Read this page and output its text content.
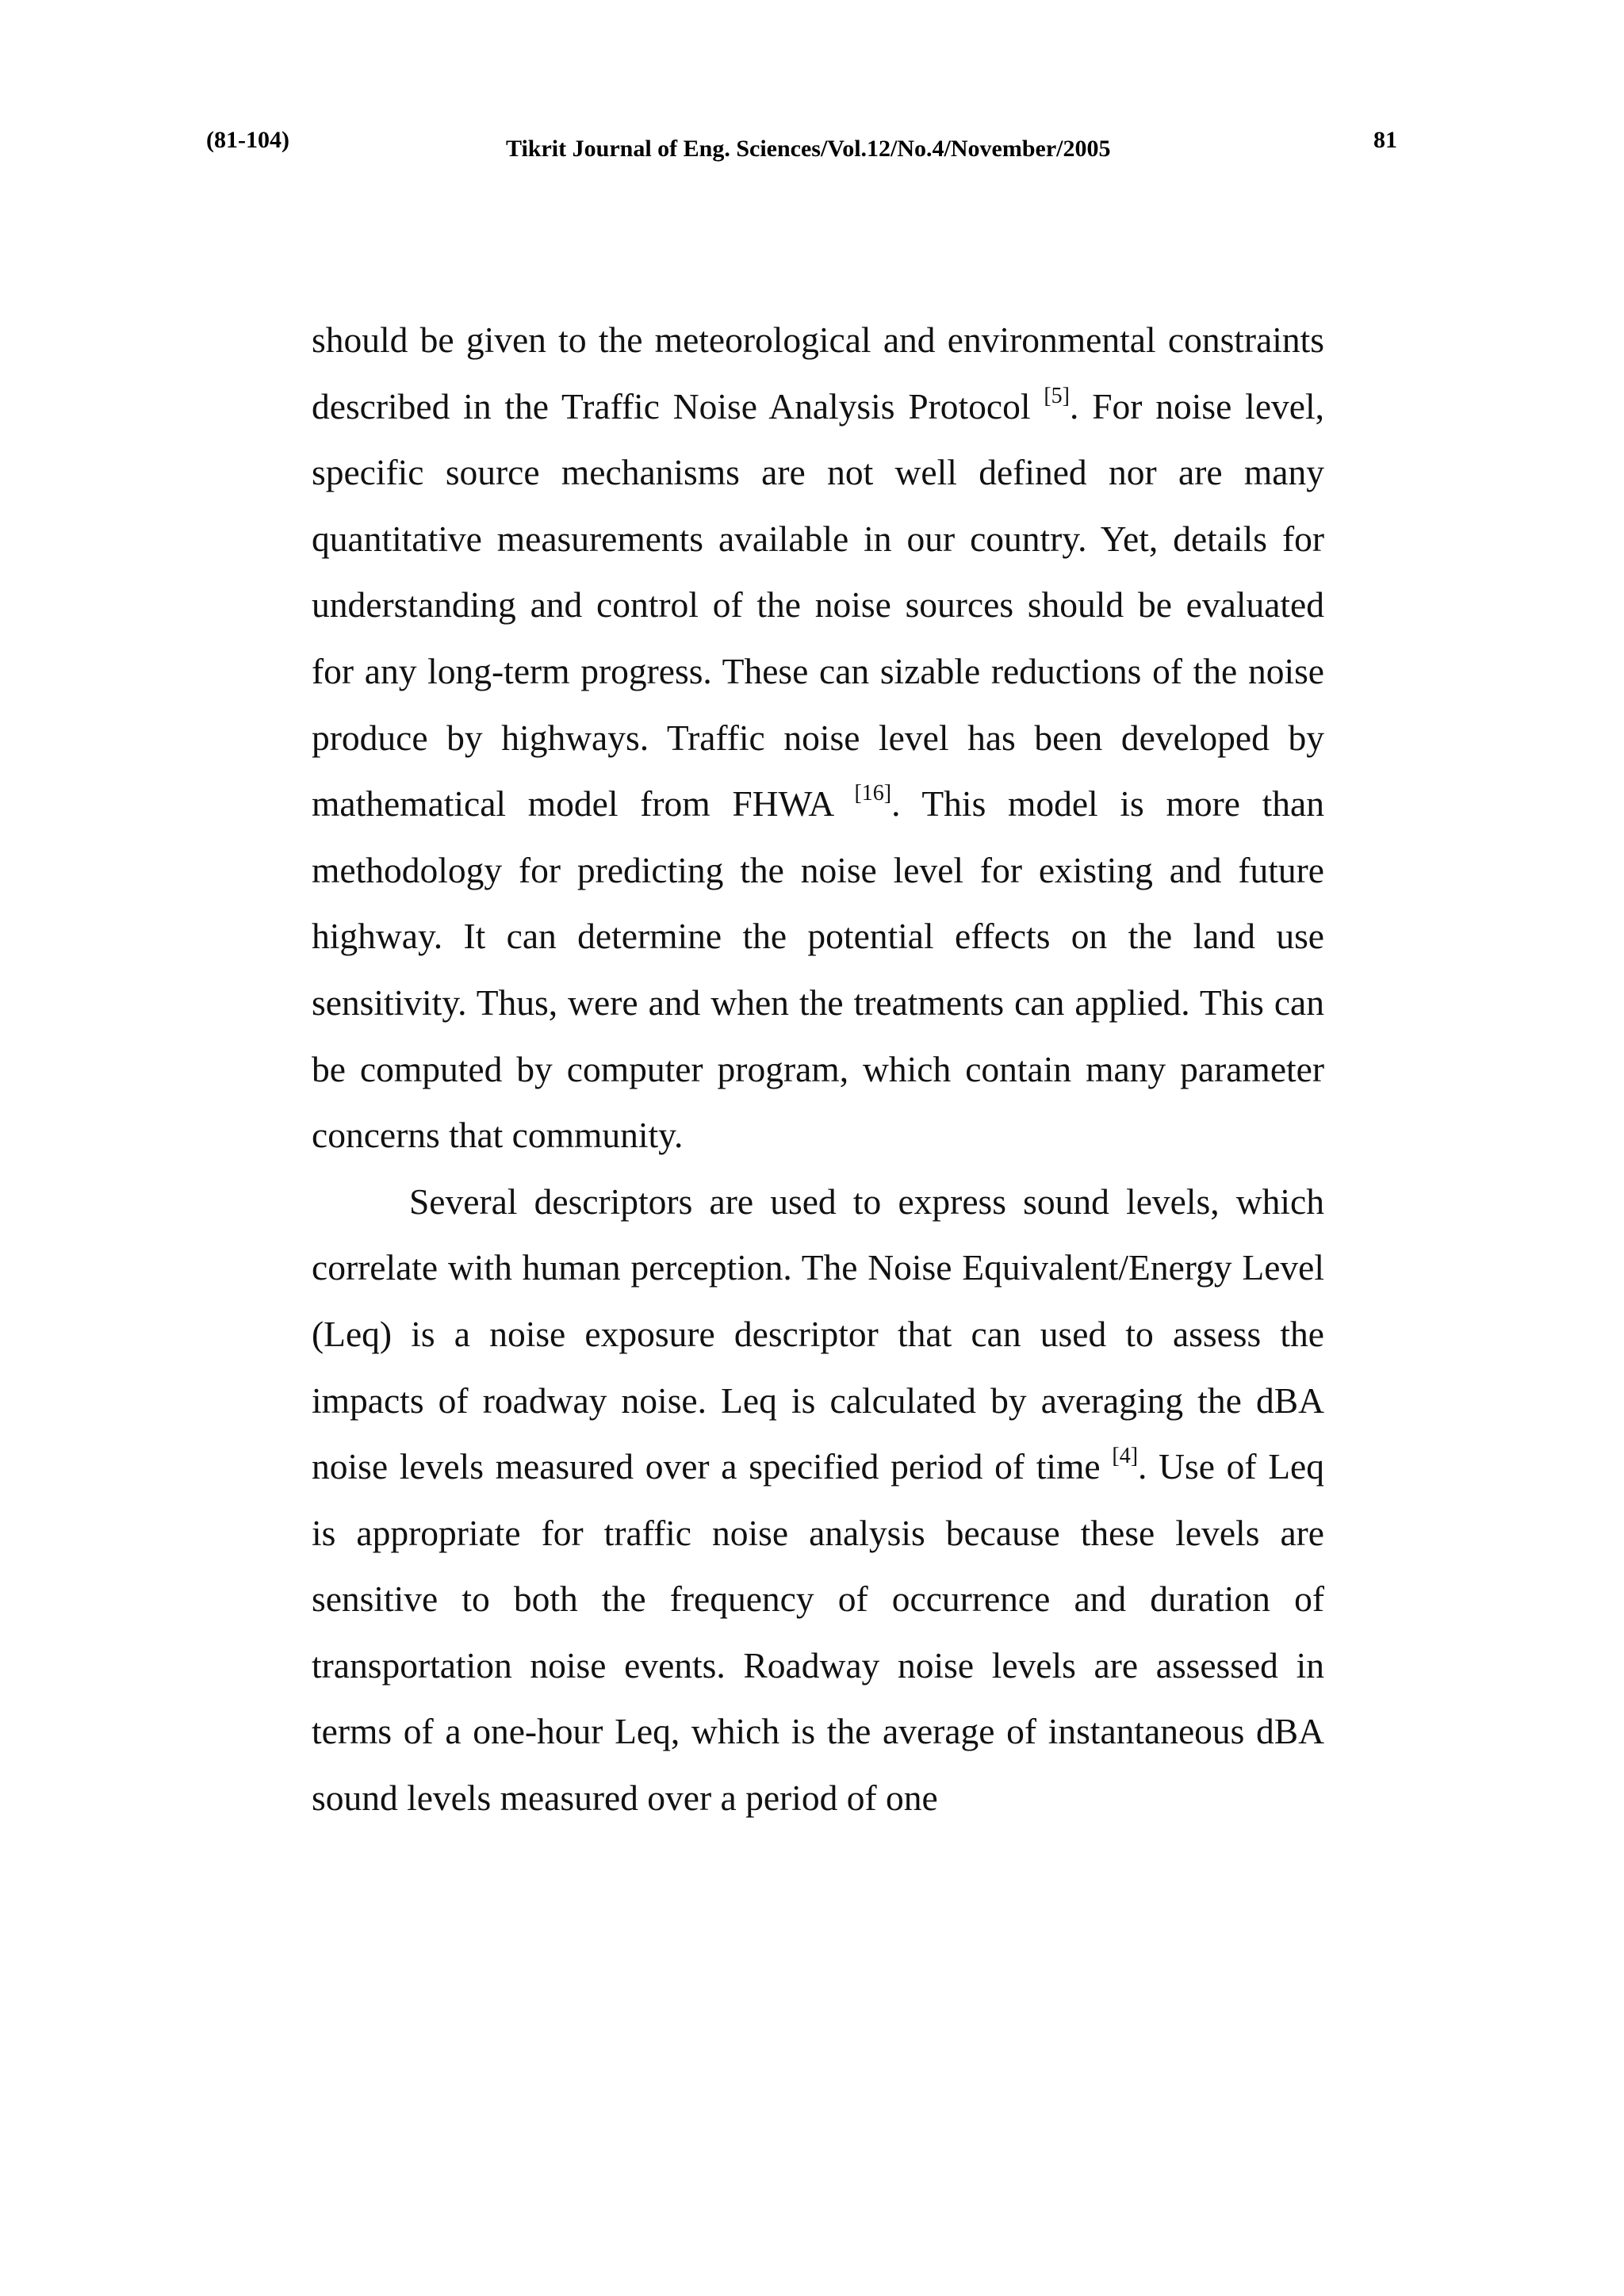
(81-104)	Tikrit Journal of Eng. Sciences/Vol.12/No.4/November/2005	81

should be given to the meteorological and environmental constraints described in the Traffic Noise Analysis Protocol [5]. For noise level, specific source mechanisms are not well defined nor are many quantitative measurements available in our country. Yet, details for understanding and control of the noise sources should be evaluated for any long-term progress. These can sizable reductions of the noise produce by highways. Traffic noise level has been developed by mathematical model from FHWA [16]. This model is more than methodology for predicting the noise level for existing and future highway. It can determine the potential effects on the land use sensitivity. Thus, were and when the treatments can applied. This can be computed by computer program, which contain many parameter concerns that community.

Several descriptors are used to express sound levels, which correlate with human perception. The Noise Equivalent/Energy Level (Leq) is a noise exposure descriptor that can used to assess the impacts of roadway noise. Leq is calculated by averaging the dBA noise levels measured over a specified period of time [4]. Use of Leq is appropriate for traffic noise analysis because these levels are sensitive to both the frequency of occurrence and duration of transportation noise events. Roadway noise levels are assessed in terms of a one-hour Leq, which is the average of instantaneous dBA sound levels measured over a period of one
